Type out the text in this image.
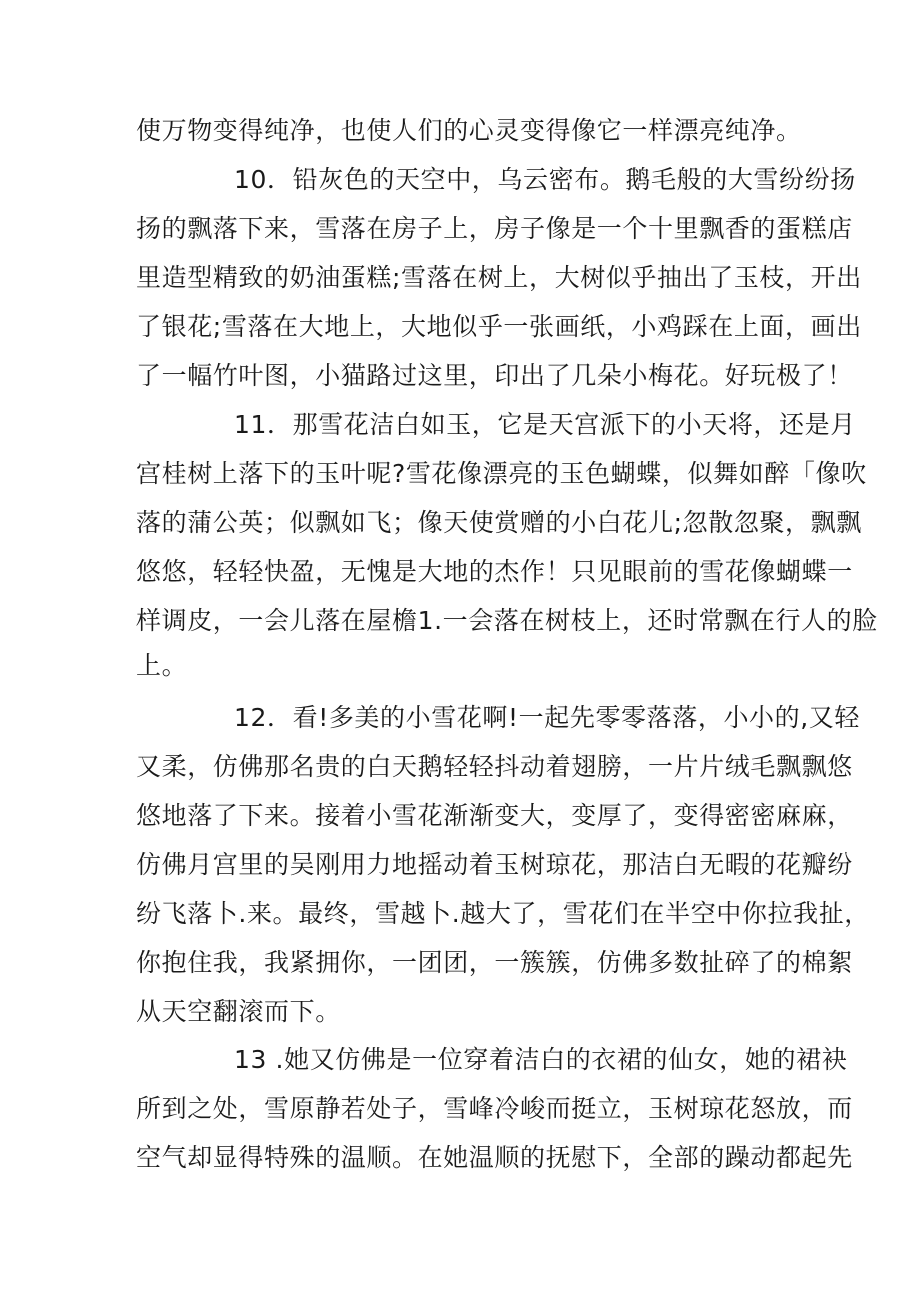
使万物变得纯净，也使人们的心灵变得像它一样漂亮纯净。
10．铅灰色的天空中，乌云密布。鹅毛般的大雪纷纷扬
扬的飘落下来，雪落在房子上，房子像是一个十里飘香的蛋糕店
里造型精致的奶油蛋糕;雪落在树上，大树似乎抽出了玉枝，开出
了银花;雪落在大地上，大地似乎一张画纸，小鸡踩在上面，画出
了一幅竹叶图，小猫路过这里，印出了几朵小梅花。好玩极了！
11．那雪花洁白如玉，它是天宫派下的小天将，还是月
宫桂树上落下的玉叶呢?雪花像漂亮的玉色蝴蝶，似舞如醉「像吹
落的蒲公英；似飘如飞；像天使赏赠的小白花儿;忽散忽聚，飘飘
悠悠，轻轻快盈，无愧是大地的杰作！只见眼前的雪花像蝴蝶一
样调皮，一会儿落在屋檐1.一会落在树枝上，还时常飘在行人的脸
上。
12．看!多美的小雪花啊!一起先零零落落，小小的,又轻
又柔，仿佛那名贵的白天鹅轻轻抖动着翅膀，一片片绒毛飘飘悠
悠地落了下来。接着小雪花渐渐变大，变厚了，变得密密麻麻，
仿佛月宫里的吴刚用力地摇动着玉树琼花，那洁白无暇的花瓣纷
纷飞落卜.来。最终，雪越卜.越大了，雪花们在半空中你拉我扯，
你抱住我，我紧拥你，一团团，一簇簇，仿佛多数扯碎了的棉絮
从天空翻滚而下。
13 .她又仿佛是一位穿着洁白的衣裙的仙女，她的裙袂
所到之处，雪原静若处子，雪峰冷峻而挺立，玉树琼花怒放，而
空气却显得特殊的温顺。在她温顺的抚慰下，全部的躁动都起先
